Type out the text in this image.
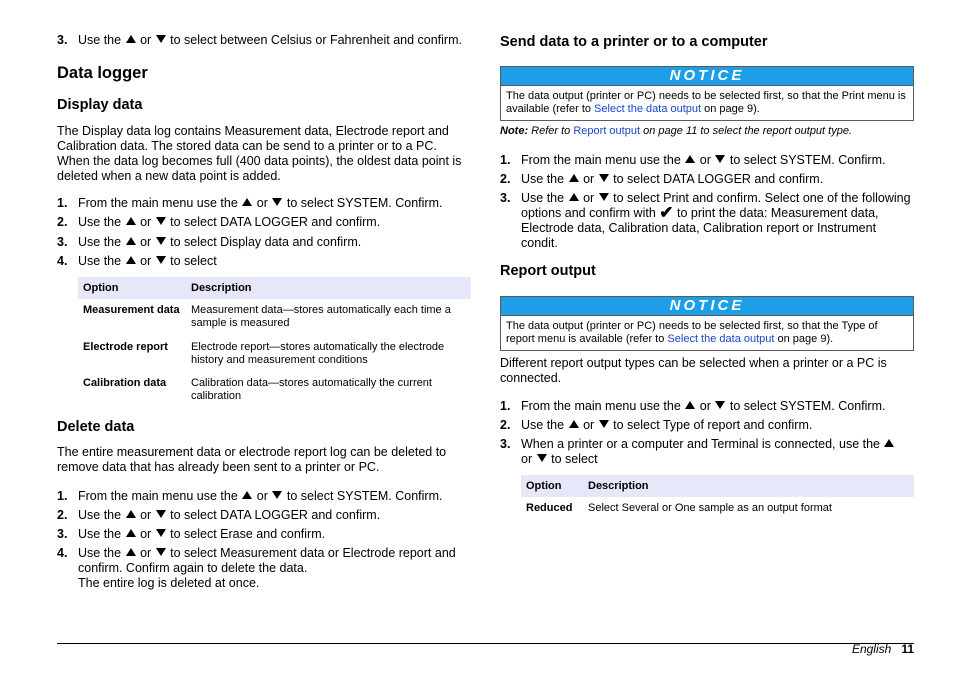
3. Use the or to select between Celsius or Fahrenheit and confirm.
Data logger
Display data
The Display data log contains Measurement data, Electrode report and Calibration data. The stored data can be send to a printer or to a PC. When the data log becomes full (400 data points), the oldest data point is deleted when a new data point is added.
1. From the main menu use the or to select SYSTEM. Confirm.
2. Use the or to select DATA LOGGER and confirm.
3. Use the or to select Display data and confirm.
4. Use the or to select
Option	Description
Measurement data	Measurement data—stores automatically each time a sample is measured
Electrode report	Electrode report—stores automatically the electrode history and measurement conditions
Calibration data	Calibration data—stores automatically the current calibration
Delete data
The entire measurement data or electrode report log can be deleted to remove data that has already been sent to a printer or PC.
1. From the main menu use the or to select SYSTEM. Confirm.
2. Use the or to select DATA LOGGER and confirm.
3. Use the or to select Erase and confirm.
4. Use the or to select Measurement data or Electrode report and confirm. Confirm again to delete the data.
The entire log is deleted at once.
Send data to a printer or to a computer
NOTICE
The data output (printer or PC) needs to be selected first, so that the Print menu is available (refer to Select the data output on page 9).
Note: Refer to Report output on page 11 to select the report output type.
1. From the main menu use the or to select SYSTEM. Confirm.
2. Use the or to select DATA LOGGER and confirm.
3. Use the or to select Print and confirm. Select one of the following options and confirm with ✔ to print the data: Measurement data, Electrode data, Calibration data, Calibration report or Instrument condit.
Report output
NOTICE
The data output (printer or PC) needs to be selected first, so that the Type of report menu is available (refer to Select the data output on page 9).
Different report output types can be selected when a printer or a PC is connected.
1. From the main menu use the or to select SYSTEM. Confirm.
2. Use the or to select Type of report and confirm.
3. When a printer or a computer and Terminal is connected, use the
or to select
Option	Description
Reduced	Select Several or One sample as an output format
English 11
